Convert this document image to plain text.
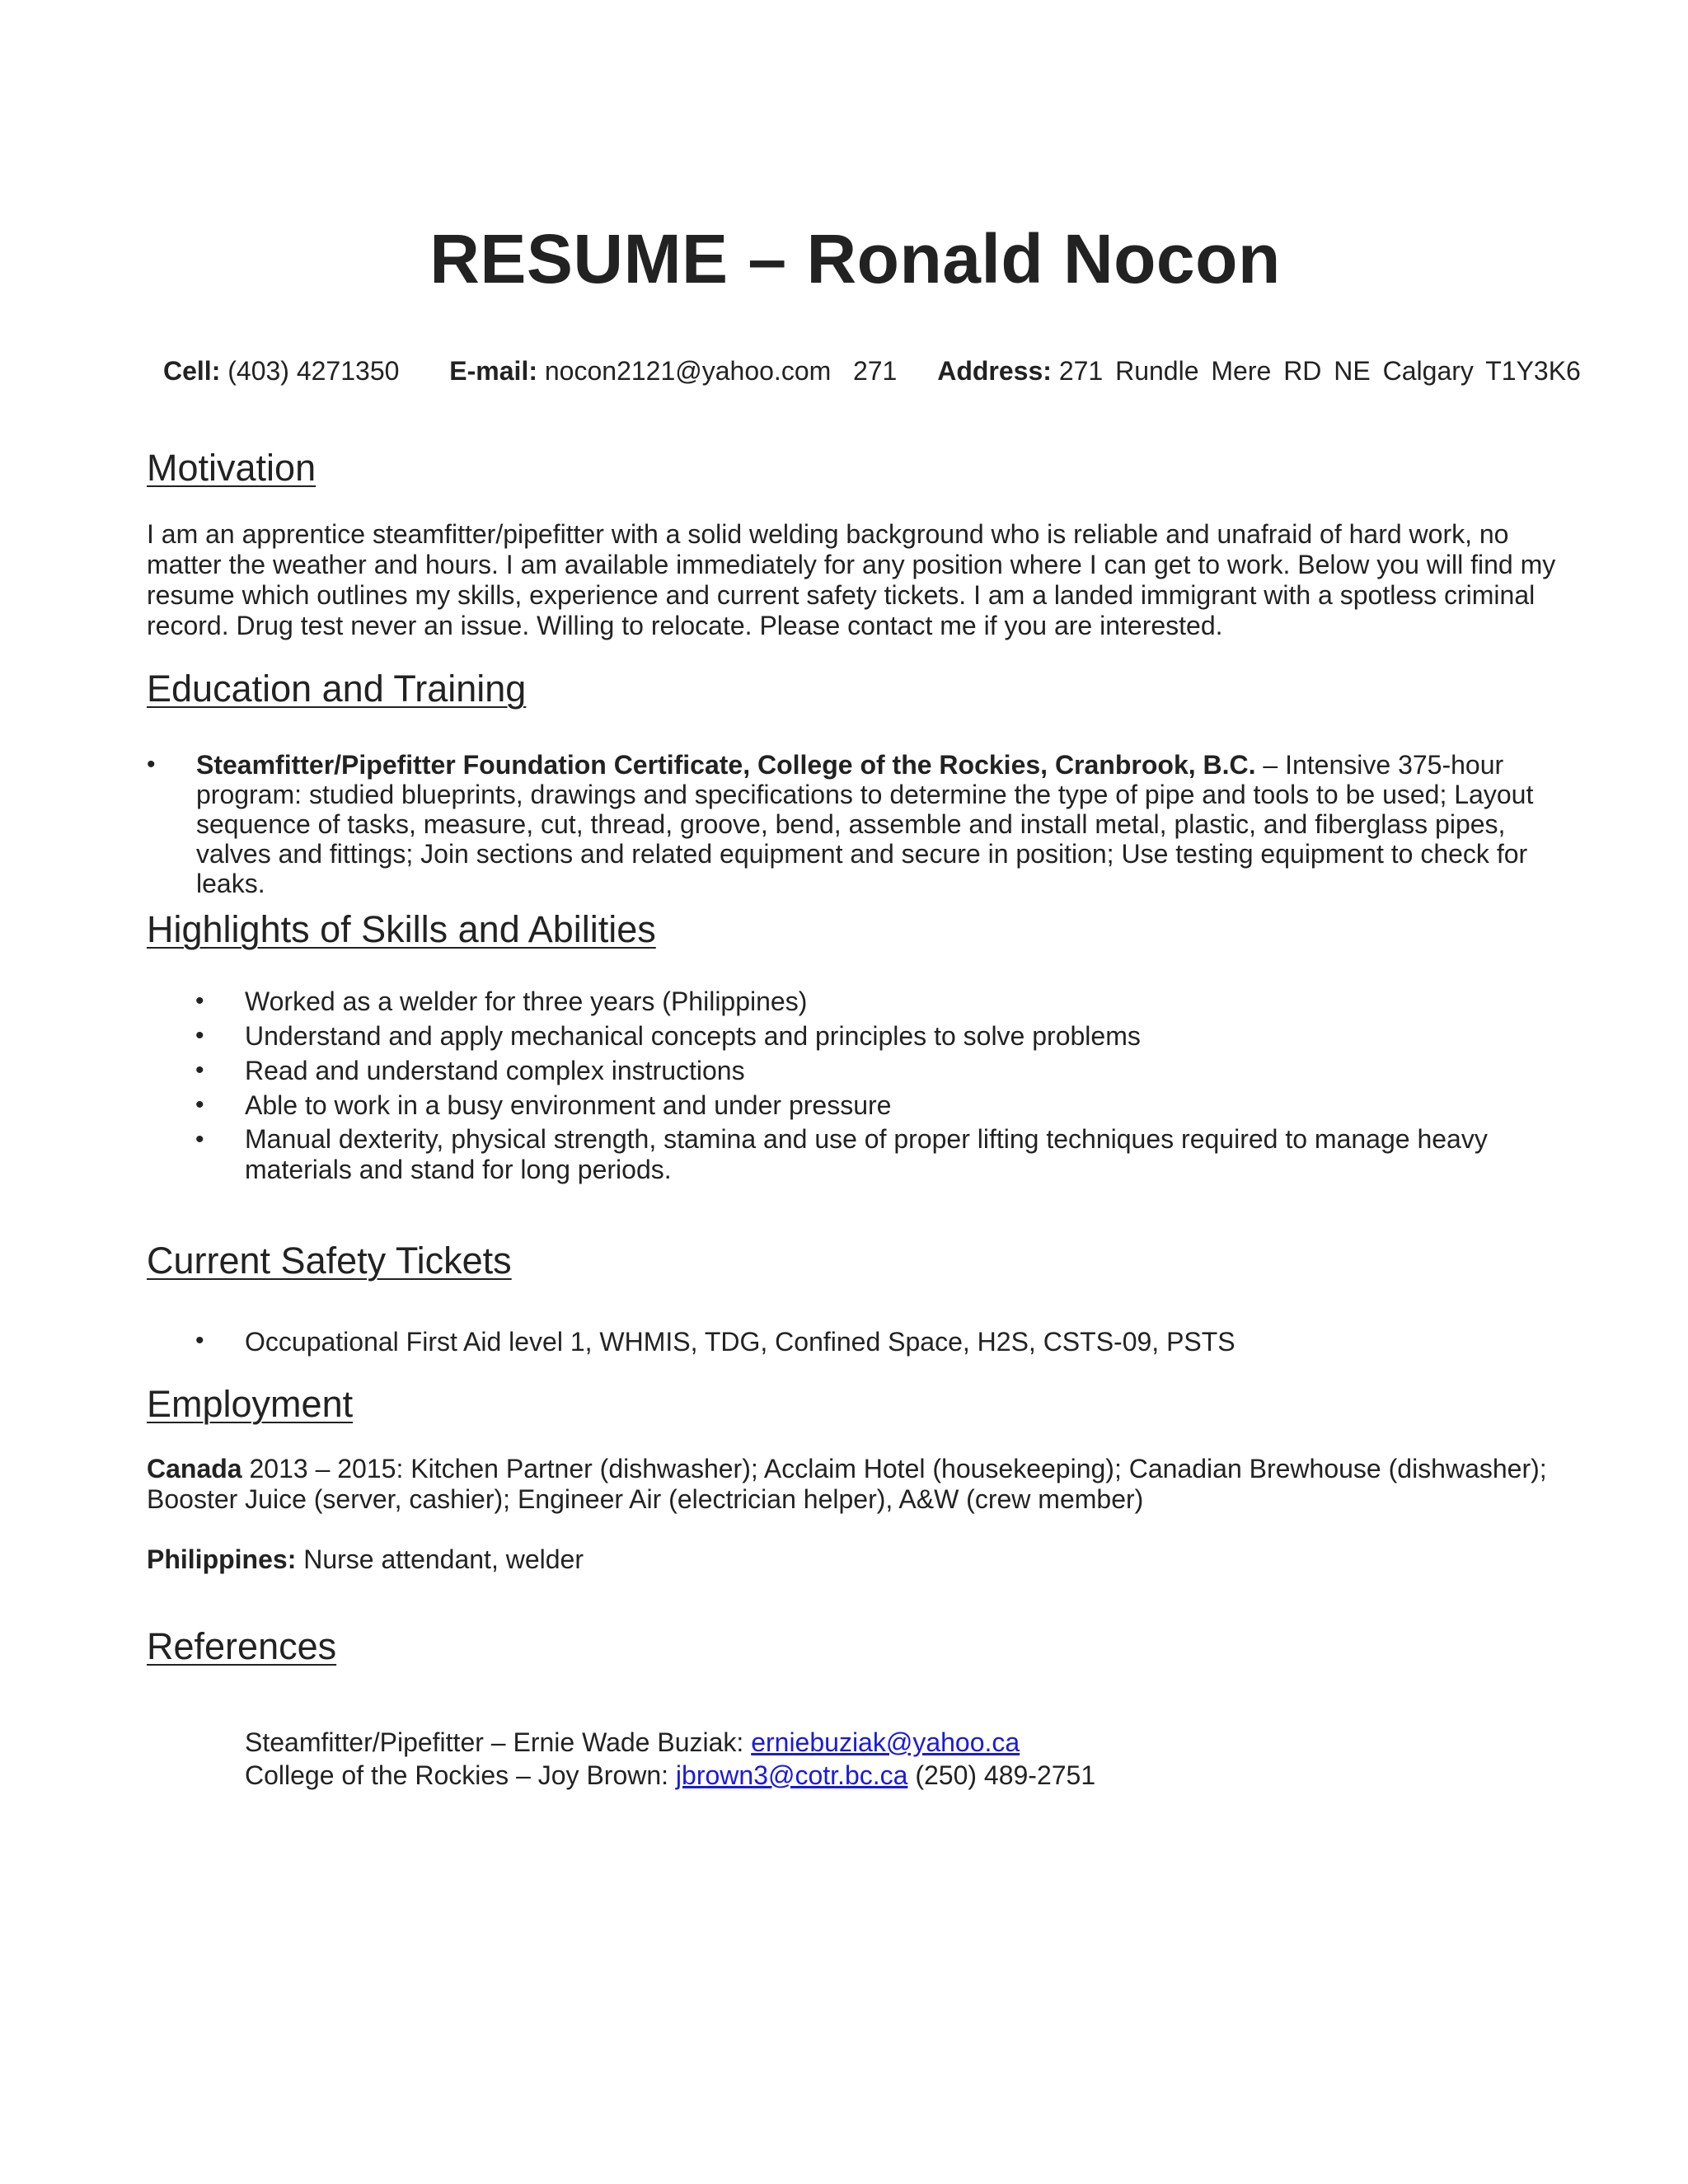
RESUME – Ronald Nocon
Cell: (403) 4271350 E-mail: nocon2121@yahoo.com 271 Address: 271 Rundle Mere RD NE Calgary T1Y3K6
Motivation
I am an apprentice steamfitter/pipefitter with a solid welding background who is reliable and unafraid of hard work, no matter the weather and hours. I am available immediately for any position where I can get to work. Below you will find my resume which outlines my skills, experience and current safety tickets. I am a landed immigrant with a spotless criminal record. Drug test never an issue. Willing to relocate. Please contact me if you are interested.
Education and Training
• Steamfitter/Pipefitter Foundation Certificate, College of the Rockies, Cranbrook, B.C. – Intensive 375-hour program: studied blueprints, drawings and specifications to determine the type of pipe and tools to be used; Layout sequence of tasks, measure, cut, thread, groove, bend, assemble and install metal, plastic, and fiberglass pipes, valves and fittings; Join sections and related equipment and secure in position; Use testing equipment to check for leaks.
Highlights of Skills and Abilities
• Worked as a welder for three years (Philippines)
• Understand and apply mechanical concepts and principles to solve problems
• Read and understand complex instructions
• Able to work in a busy environment and under pressure
• Manual dexterity, physical strength, stamina and use of proper lifting techniques required to manage heavy materials and stand for long periods.
Current Safety Tickets
• Occupational First Aid level 1, WHMIS, TDG, Confined Space, H2S, CSTS-09, PSTS
Employment
Canada 2013 – 2015: Kitchen Partner (dishwasher); Acclaim Hotel (housekeeping); Canadian Brewhouse (dishwasher); Booster Juice (server, cashier); Engineer Air (electrician helper), A&W (crew member)
Philippines: Nurse attendant, welder
References
Steamfitter/Pipefitter – Ernie Wade Buziak: erniebuziak@yahoo.ca
College of the Rockies – Joy Brown: jbrown3@cotr.bc.ca (250) 489-2751
